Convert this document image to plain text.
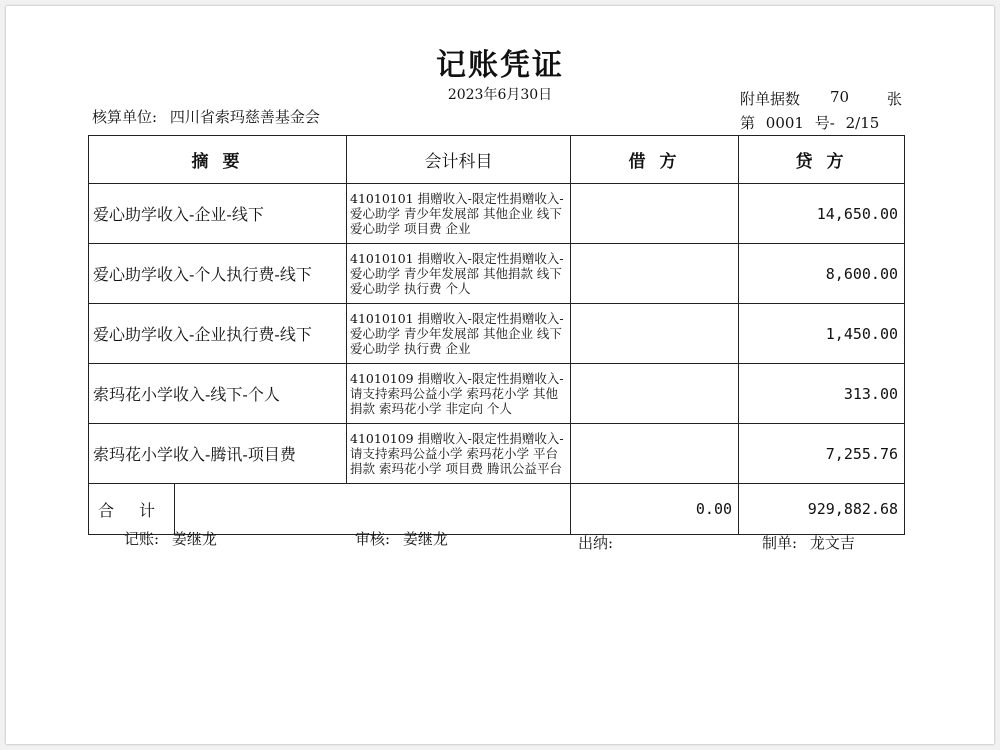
记账凭证
2023年6月30日
核算单位: 四川省索玛慈善基金会
附单据数 70	张
第 0001 号- 2/15
摘 要		会计科目	借 方	贷 方
爱心助学收入-企业-线下		41010101 捐赠收入-限定性捐赠收入-爱心助学 青少年发展部 其他企业 线下爱心助学 项目费 企业		14,650.00
爱心助学收入-个人执行费-线下		41010101 捐赠收入-限定性捐赠收入-爱心助学 青少年发展部 其他捐款 线下爱心助学 执行费 个人		8,600.00
爱心助学收入-企业执行费-线下		41010101 捐赠收入-限定性捐赠收入-爱心助学 青少年发展部 其他企业 线下爱心助学 执行费 企业		1,450.00
索玛花小学收入-线下-个人		41010109 捐赠收入-限定性捐赠收入-请支持索玛公益小学 索玛花小学 其他捐款 索玛花小学 非定向 个人		313.00
索玛花小学收入-腾讯-项目费		41010109 捐赠收入-限定性捐赠收入-请支持索玛公益小学 索玛花小学 平台捐款 索玛花小学 项目费 腾讯公益平台		7,255.76
合 计			0.00	929,882.68
记账: 姜继龙	审核: 姜继龙	出纳:	制单: 龙文吉
